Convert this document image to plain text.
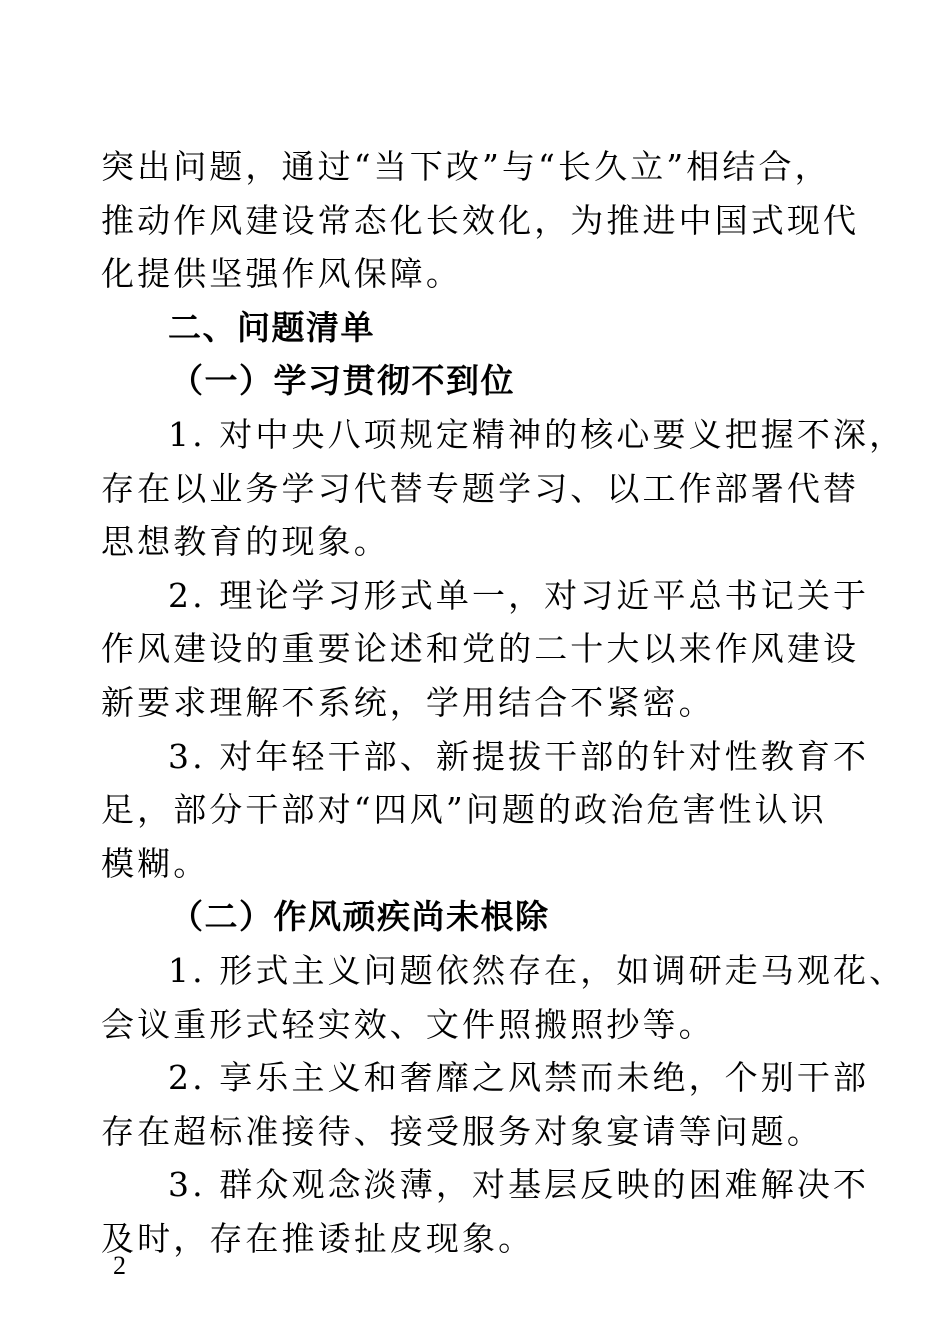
突出问题，通过“当下改”与“长久立”相结合，
推动作风建设常态化长效化，为推进中国式现代
化提供坚强作风保障。
二、问题清单
（一）学习贯彻不到位
1. 对中央八项规定精神的核心要义把握不深，
存在以业务学习代替专题学习、以工作部署代替
思想教育的现象。
2. 理论学习形式单一，对习近平总书记关于
作风建设的重要论述和党的二十大以来作风建设
新要求理解不系统，学用结合不紧密。
3. 对年轻干部、新提拔干部的针对性教育不
足，部分干部对“四风”问题的政治危害性认识
模糊。
（二）作风顽疾尚未根除
1. 形式主义问题依然存在，如调研走马观花、
会议重形式轻实效、文件照搬照抄等。
2. 享乐主义和奢靡之风禁而未绝，个别干部
存在超标准接待、接受服务对象宴请等问题。
3. 群众观念淡薄，对基层反映的困难解决不
及时，存在推诿扯皮现象。
2
